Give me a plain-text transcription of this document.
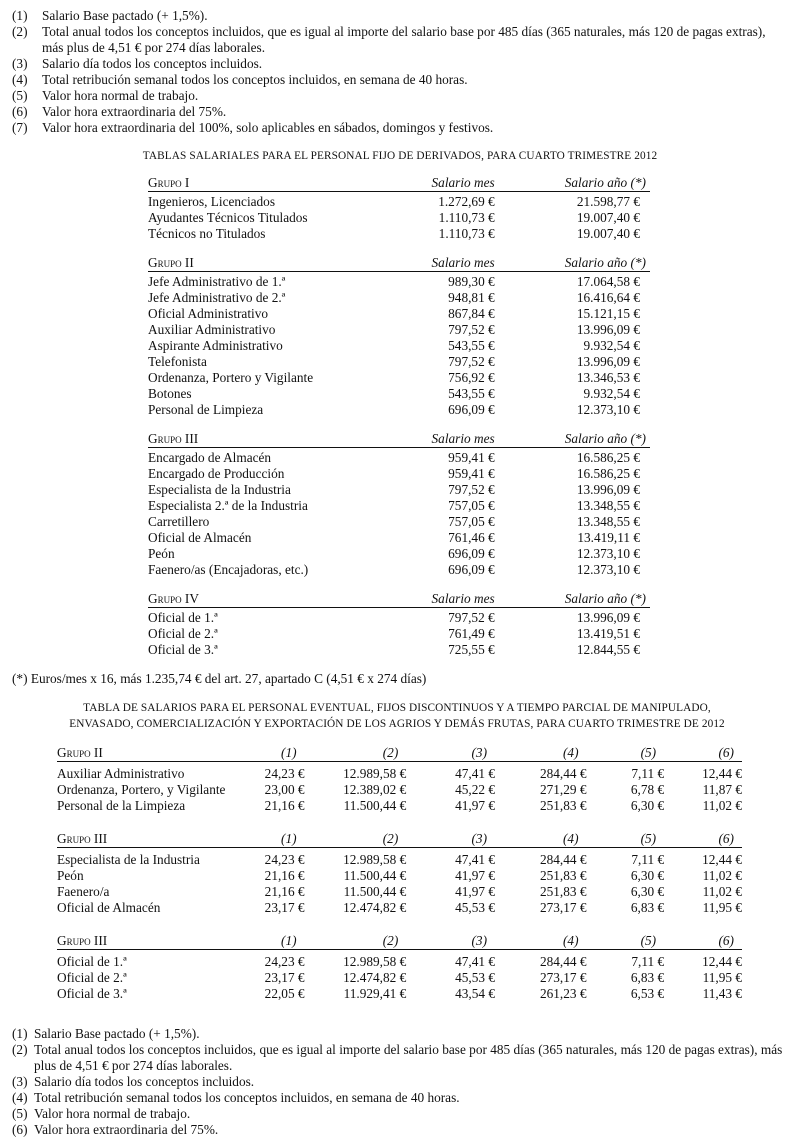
(1)	Salario Base pactado (+ 1,5%).
(2)	Total anual todos los conceptos incluidos, que es igual al importe del salario base por 485 días (365 naturales, más 120 de pagas extras), más plus de 4,51 € por 274 días laborales.
(3)	Salario día todos los conceptos incluidos.
(4)	Total retribución semanal todos los conceptos incluidos, en semana de 40 horas.
(5)	Valor hora normal de trabajo.
(6)	Valor hora extraordinaria del 75%.
(7)	Valor hora extraordinaria del 100%, solo aplicables en sábados, domingos y festivos.
TABLAS SALARIALES PARA EL PERSONAL FIJO DE DERIVADOS, PARA CUARTO TRIMESTRE 2012
Grupo I	Salario mes	Salario año (*)

Ingenieros, Licenciados	1.272,69 €	21.598,77 €
Ayudantes Técnicos Titulados	1.110,73 €	19.007,40 €
Técnicos no Titulados	1.110,73 €	19.007,40 €

Grupo II	Salario mes	Salario año (*)

Jefe Administrativo de 1.ª	989,30 €	17.064,58 €
Jefe Administrativo de 2.ª	948,81 €	16.416,64 €
Oficial Administrativo	867,84 €	15.121,15 €
Auxiliar Administrativo	797,52 €	13.996,09 €
Aspirante Administrativo	543,55 €	9.932,54 €
Telefonista	797,52 €	13.996,09 €
Ordenanza, Portero y Vigilante	756,92 €	13.346,53 €
Botones	543,55 €	9.932,54 €
Personal de Limpieza	696,09 €	12.373,10 €

Grupo III	Salario mes	Salario año (*)

Encargado de Almacén	959,41 €	16.586,25 €
Encargado de Producción	959,41 €	16.586,25 €
Especialista de la Industria	797,52 €	13.996,09 €
Especialista 2.ª de la Industria	757,05 €	13.348,55 €
Carretillero	757,05 €	13.348,55 €
Oficial de Almacén	761,46 €	13.419,11 €
Peón	696,09 €	12.373,10 €
Faenero/as (Encajadoras, etc.)	696,09 €	12.373,10 €

Grupo IV	Salario mes	Salario año (*)

Oficial de 1.ª	797,52 €	13.996,09 €
Oficial de 2.ª	761,49 €	13.419,51 €
Oficial de 3.ª	725,55 €	12.844,55 €
(*) Euros/mes x 16, más 1.235,74 € del art. 27, apartado C (4,51 € x 274 días)
TABLA DE SALARIOS PARA EL PERSONAL EVENTUAL, FIJOS DISCONTINUOS Y A TIEMPO PARCIAL DE MANIPULADO,
ENVASADO, COMERCIALIZACIÓN Y EXPORTACIÓN DE LOS AGRIOS Y DEMÁS FRUTAS, PARA CUARTO TRIMESTRE DE 2012
Grupo II	(1)	(2)	(3)	(4)	(5)	(6)

Auxiliar Administrativo	24,23 €	12.989,58 €	47,41 €	284,44 €	7,11 €	12,44 €
Ordenanza, Portero, y Vigilante	23,00 €	12.389,02 €	45,22 €	271,29 €	6,78 €	11,87 €
Personal de la Limpieza	21,16 €	11.500,44 €	41,97 €	251,83 €	6,30 €	11,02 €

Grupo III	(1)	(2)	(3)	(4)	(5)	(6)

Especialista de la Industria	24,23 €	12.989,58 €	47,41 €	284,44 €	7,11 €	12,44 €
Peón	21,16 €	11.500,44 €	41,97 €	251,83 €	6,30 €	11,02 €
Faenero/a	21,16 €	11.500,44 €	41,97 €	251,83 €	6,30 €	11,02 €
Oficial de Almacén	23,17 €	12.474,82 €	45,53 €	273,17 €	6,83 €	11,95 €

Grupo III	(1)	(2)	(3)	(4)	(5)	(6)

Oficial de 1.ª	24,23 €	12.989,58 €	47,41 €	284,44 €	7,11 €	12,44 €
Oficial de 2.ª	23,17 €	12.474,82 €	45,53 €	273,17 €	6,83 €	11,95 €
Oficial de 3.ª	22,05 €	11.929,41 €	43,54 €	261,23 €	6,53 €	11,43 €
(1) Salario Base pactado (+ 1,5%).
(2) Total anual todos los conceptos incluidos, que es igual al importe del salario base por 485 días (365 naturales, más 120 de pagas extras), más plus de 4,51 € por 274 días laborales.
(3) Salario día todos los conceptos incluidos.
(4) Total retribución semanal todos los conceptos incluidos, en semana de 40 horas.
(5) Valor hora normal de trabajo.
(6) Valor hora extraordinaria del 75%.
